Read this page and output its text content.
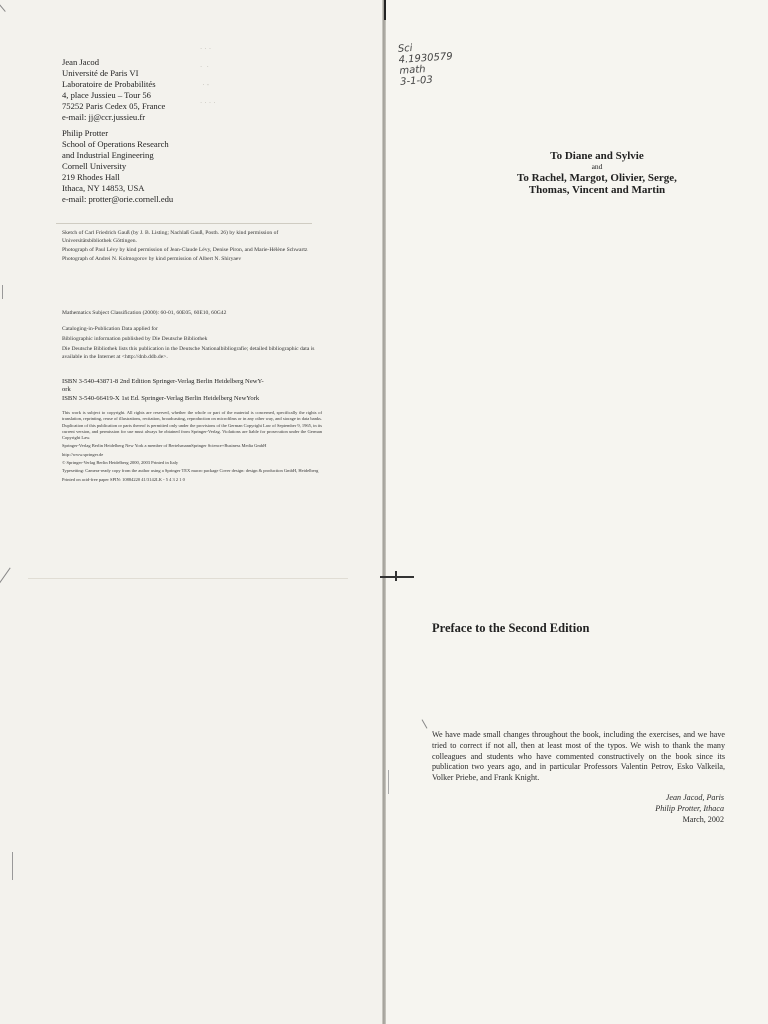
· · ·
·  ·
· -
· · · ·
Jean Jacod
Université de Paris VI
Laboratoire de Probabilités
4, place Jussieu – Tour 56
75252 Paris Cedex 05, France
e-mail: jj@ccr.jussieu.fr
Philip Protter
School of Operations Research
and Industrial Engineering
Cornell University
219 Rhodes Hall
Ithaca, NY 14853, USA
e-mail: protter@orie.cornell.edu

Sketch of Carl Friedrich Gauß (by J. B. Listing; Nachlaß Gauß, Posth. 26) by kind permission of Universitätsbibliothek Göttingen.

Photograph of Paul Lévy by kind permission of Jean-Claude Lévy, Denise Piron, and Marie-Hélène Schwartz

Photograph of Andrei N. Kolmogorov by kind permission of Albert N. Shiryaev

Mathematics Subject Classification (2000): 60-01, 60E05, 60E10, 60G42

Cataloging-in-Publication Data applied for

Bibliographic information published by Die Deutsche Bibliothek

Die Deutsche Bibliothek lists this publication in the Deutsche Nationalbibliografie; detailed bibliographic data is available in the Internet at <http://dnb.ddb.de>.

ISBN 3-540-43871-8 2nd Edition Springer-Verlag Berlin Heidelberg NewY-
ork
ISBN 3-540-66419-X 1st Ed. Springer-Verlag Berlin Heidelberg NewYork

This work is subject to copyright. All rights are reserved, whether the whole or part of the material is concerned, specifically the rights of translation, reprinting, reuse of illustrations, recitation, broadcasting, reproduction on microfilms or in any other way, and storage in data banks. Duplication of this publication or parts thereof is permitted only under the provisions of the German Copyright Law of September 9, 1965, in its current version, and permission for use must always be obtained from Springer-Verlag. Violations are liable for prosecution under the German Copyright Law.

Springer-Verlag Berlin Heidelberg New York a member of BertelsmannSpringer Science+Business Media GmbH

http://www.springer.de

© Springer-Verlag Berlin Heidelberg 2000, 2003 Printed in Italy

Typesetting: Camera-ready copy from the author using a Springer TEX macro package Cover design: design & production GmbH, Heidelberg

Printed on acid-free paper SPIN: 10884220 41/3142LK - 5 4 3 2 1 0

Sci
4.1930579
math
3-1-03
To Diane and Sylvie
and
To Rachel, Margot, Olivier, Serge,
Thomas, Vincent and Martin
Preface to the Second Edition
We have made small changes throughout the book, including the exercises, and we have tried to correct if not all, then at least most of the typos. We wish to thank the many colleagues and students who have commented constructively on the book since its publication two years ago, and in particular Professors Valentin Petrov, Esko Valkeila, Volker Priebe, and Frank Knight.
Jean Jacod, Paris
Philip Protter, Ithaca
March, 2002
